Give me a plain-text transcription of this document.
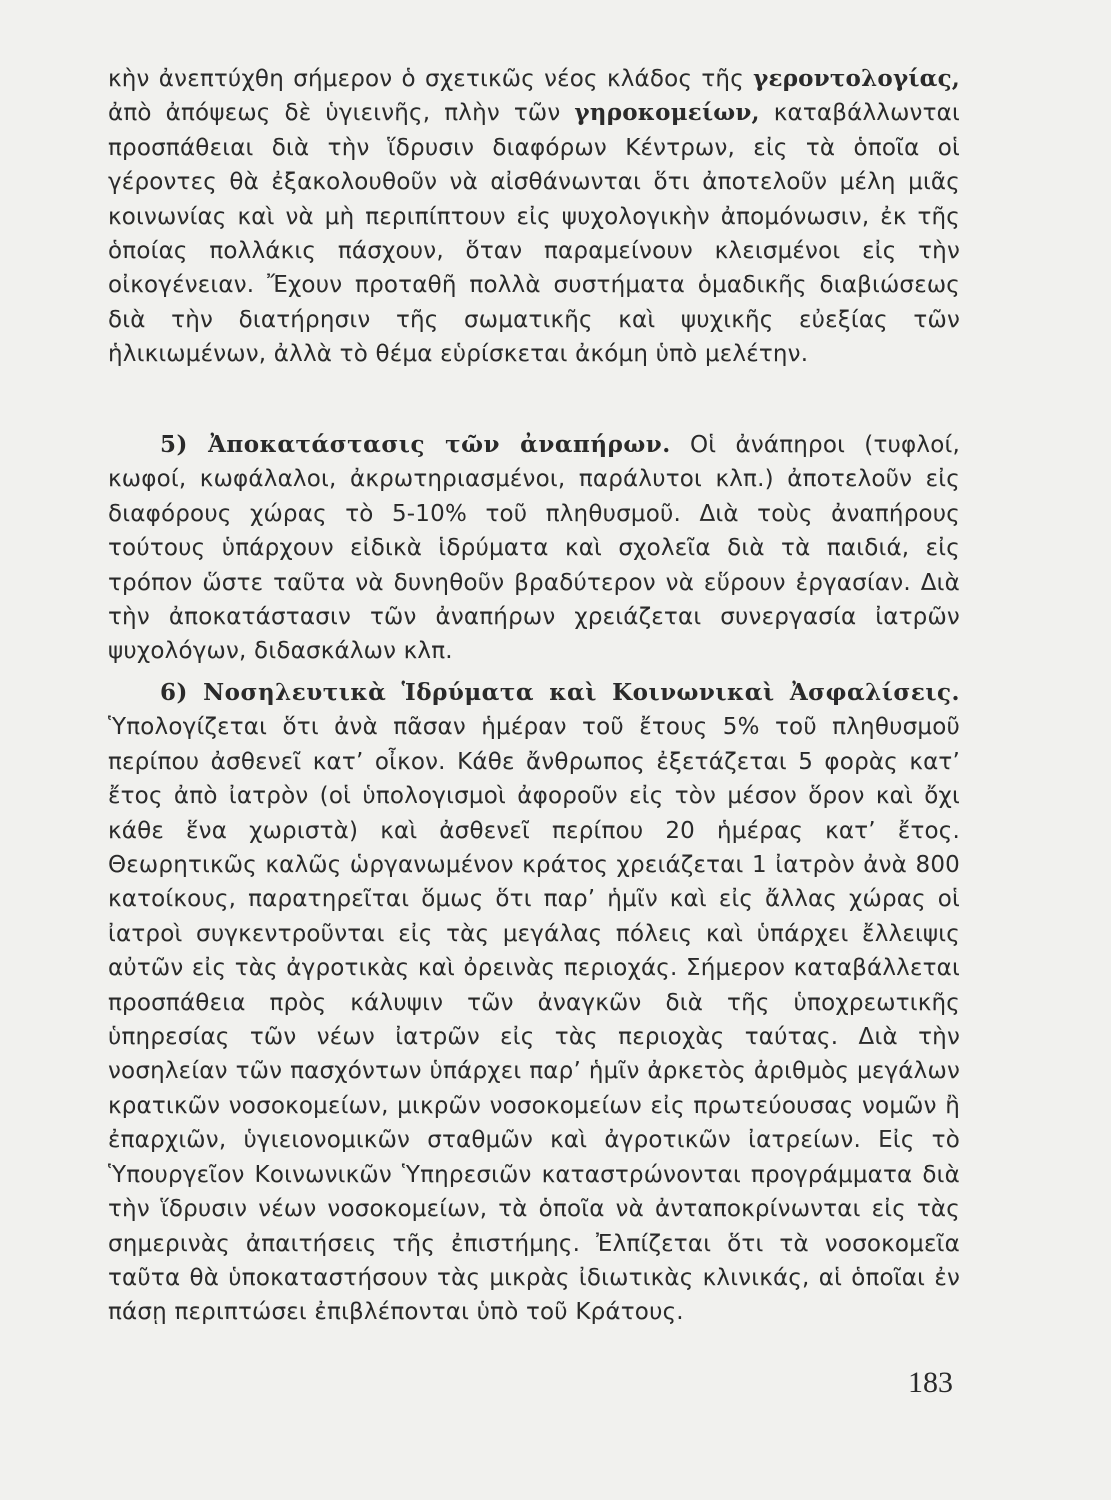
κὴν ἀνεπτύχθη σήμερον ὁ σχετικῶς νέος κλάδος τῆς γεροντολογίας, ἀπὸ ἀπόψεως δὲ ὑγιεινῆς, πλὴν τῶν γηροκομείων, καταβάλλωνται προσπάθειαι διὰ τὴν ἵδρυσιν διαφόρων Κέντρων, εἰς τὰ ὁποῖα οἱ γέροντες θὰ ἐξακολουθοῦν νὰ αἰσθάνωνται ὅτι ἀποτελοῦν μέλη μιᾶς κοινωνίας καὶ νὰ μὴ περιπίπτουν εἰς ψυχολογικὴν ἀπομόνωσιν, ἐκ τῆς ὁποίας πολλάκις πάσχουν, ὅταν παραμείνουν κλεισμένοι εἰς τὴν οἰκογένειαν. Ἔχουν προταθῆ πολλὰ συστήματα ὁμαδικῆς διαβιώσεως διὰ τὴν διατήρησιν τῆς σωματικῆς καὶ ψυχικῆς εὐεξίας τῶν ἡλικιωμένων, ἀλλὰ τὸ θέμα εὑρίσκεται ἀκόμη ὑπὸ μελέτην.

5) Ἀποκατάστασις τῶν ἀναπήρων. Οἱ ἀνάπηροι (τυφλοί, κωφοί, κωφάλαλοι, ἀκρωτηριασμένοι, παράλυτοι κλπ.) ἀποτελοῦν εἰς διαφόρους χώρας τὸ 5-10% τοῦ πληθυσμοῦ. Διὰ τοὺς ἀναπήρους τούτους ὑπάρχουν εἰδικὰ ἱδρύματα καὶ σχολεῖα διὰ τὰ παιδιά, εἰς τρόπον ὥστε ταῦτα νὰ δυνηθοῦν βραδύτερον νὰ εὕρουν ἐργασίαν. Διὰ τὴν ἀποκατάστασιν τῶν ἀναπήρων χρειάζεται συνεργασία ἰατρῶν ψυχολόγων, διδασκάλων κλπ.

6) Νοσηλευτικὰ Ἱδρύματα καὶ Κοινωνικαὶ Ἀσφαλίσεις. Ὑπολογίζεται ὅτι ἀνὰ πᾶσαν ἡμέραν τοῦ ἔτους 5% τοῦ πληθυσμοῦ περίπου ἀσθενεῖ κατ’ οἶκον. Κάθε ἄνθρωπος ἐξετάζεται 5 φορὰς κατ’ ἔτος ἀπὸ ἰατρὸν (οἱ ὑπολογισμοὶ ἀφοροῦν εἰς τὸν μέσον ὅρον καὶ ὄχι κάθε ἕνα χωριστὰ) καὶ ἀσθενεῖ περίπου 20 ἡμέρας κατ’ ἔτος. Θεωρητικῶς καλῶς ὡργανωμένον κράτος χρειάζεται 1 ἰατρὸν ἀνὰ 800 κατοίκους, παρατηρεῖται ὅμως ὅτι παρ’ ἡμῖν καὶ εἰς ἄλλας χώρας οἱ ἰατροὶ συγκεντροῦνται εἰς τὰς μεγάλας πόλεις καὶ ὑπάρχει ἔλλειψις αὐτῶν εἰς τὰς ἀγροτικὰς καὶ ὀρεινὰς περιοχάς. Σήμερον καταβάλλεται προσπάθεια πρὸς κάλυψιν τῶν ἀναγκῶν διὰ τῆς ὑποχρεωτικῆς ὑπηρεσίας τῶν νέων ἰατρῶν εἰς τὰς περιοχὰς ταύτας. Διὰ τὴν νοσηλείαν τῶν πασχόντων ὑπάρχει παρ’ ἡμῖν ἀρκετὸς ἀριθμὸς μεγάλων κρατικῶν νοσοκομείων, μικρῶν νοσοκομείων εἰς πρωτεύουσας νομῶν ἢ ἐπαρχιῶν, ὑγιειονομικῶν σταθμῶν καὶ ἀγροτικῶν ἰατρείων. Εἰς τὸ Ὑπουργεῖον Κοινωνικῶν Ὑπηρεσιῶν καταστρώνονται προγράμματα διὰ τὴν ἵδρυσιν νέων νοσοκομείων, τὰ ὁποῖα νὰ ἀνταποκρίνωνται εἰς τὰς σημερινὰς ἀπαιτήσεις τῆς ἐπιστήμης. Ἐλπίζεται ὅτι τὰ νοσοκομεῖα ταῦτα θὰ ὑποκαταστήσουν τὰς μικρὰς ἰδιωτικὰς κλινικάς, αἱ ὁποῖαι ἐν πάσῃ περιπτώσει ἐπιβλέπονται ὑπὸ τοῦ Κράτους.

183
